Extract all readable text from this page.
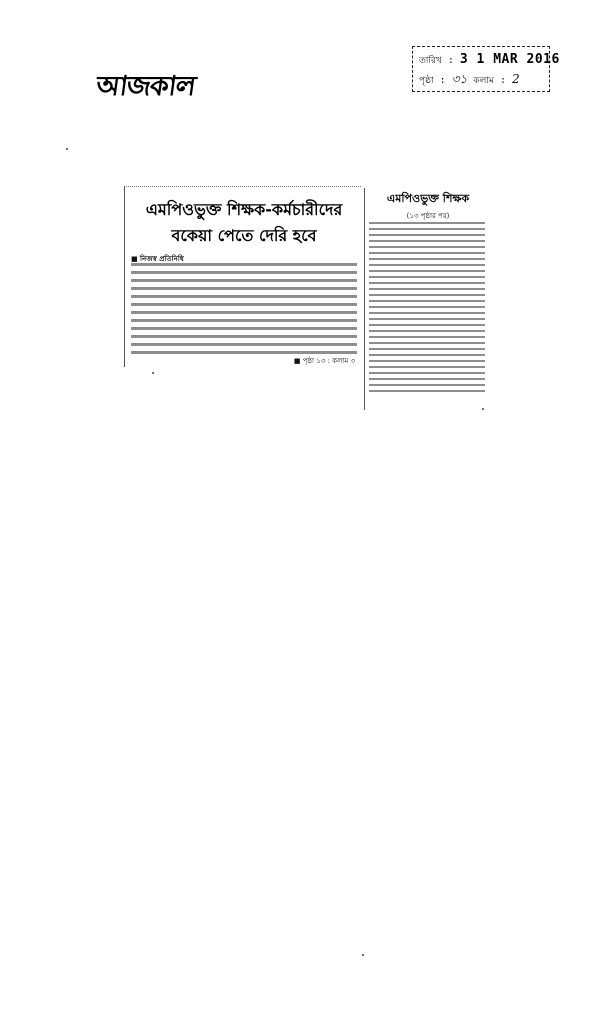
আজকাল
তারিখ : 3 1 MAR 2016
পৃষ্ঠা : ৩১ কলাম : 2
এমপিওভুক্ত শিক্ষক-কর্মচারীদের
বকেয়া পেতে দেরি হবে
■ নিজস্ব প্রতিনিধি
■ পৃষ্ঠা ১৩ : কলাম ৩
এমপিওভুক্ত শিক্ষক
(১৩ পৃষ্ঠার পর)
